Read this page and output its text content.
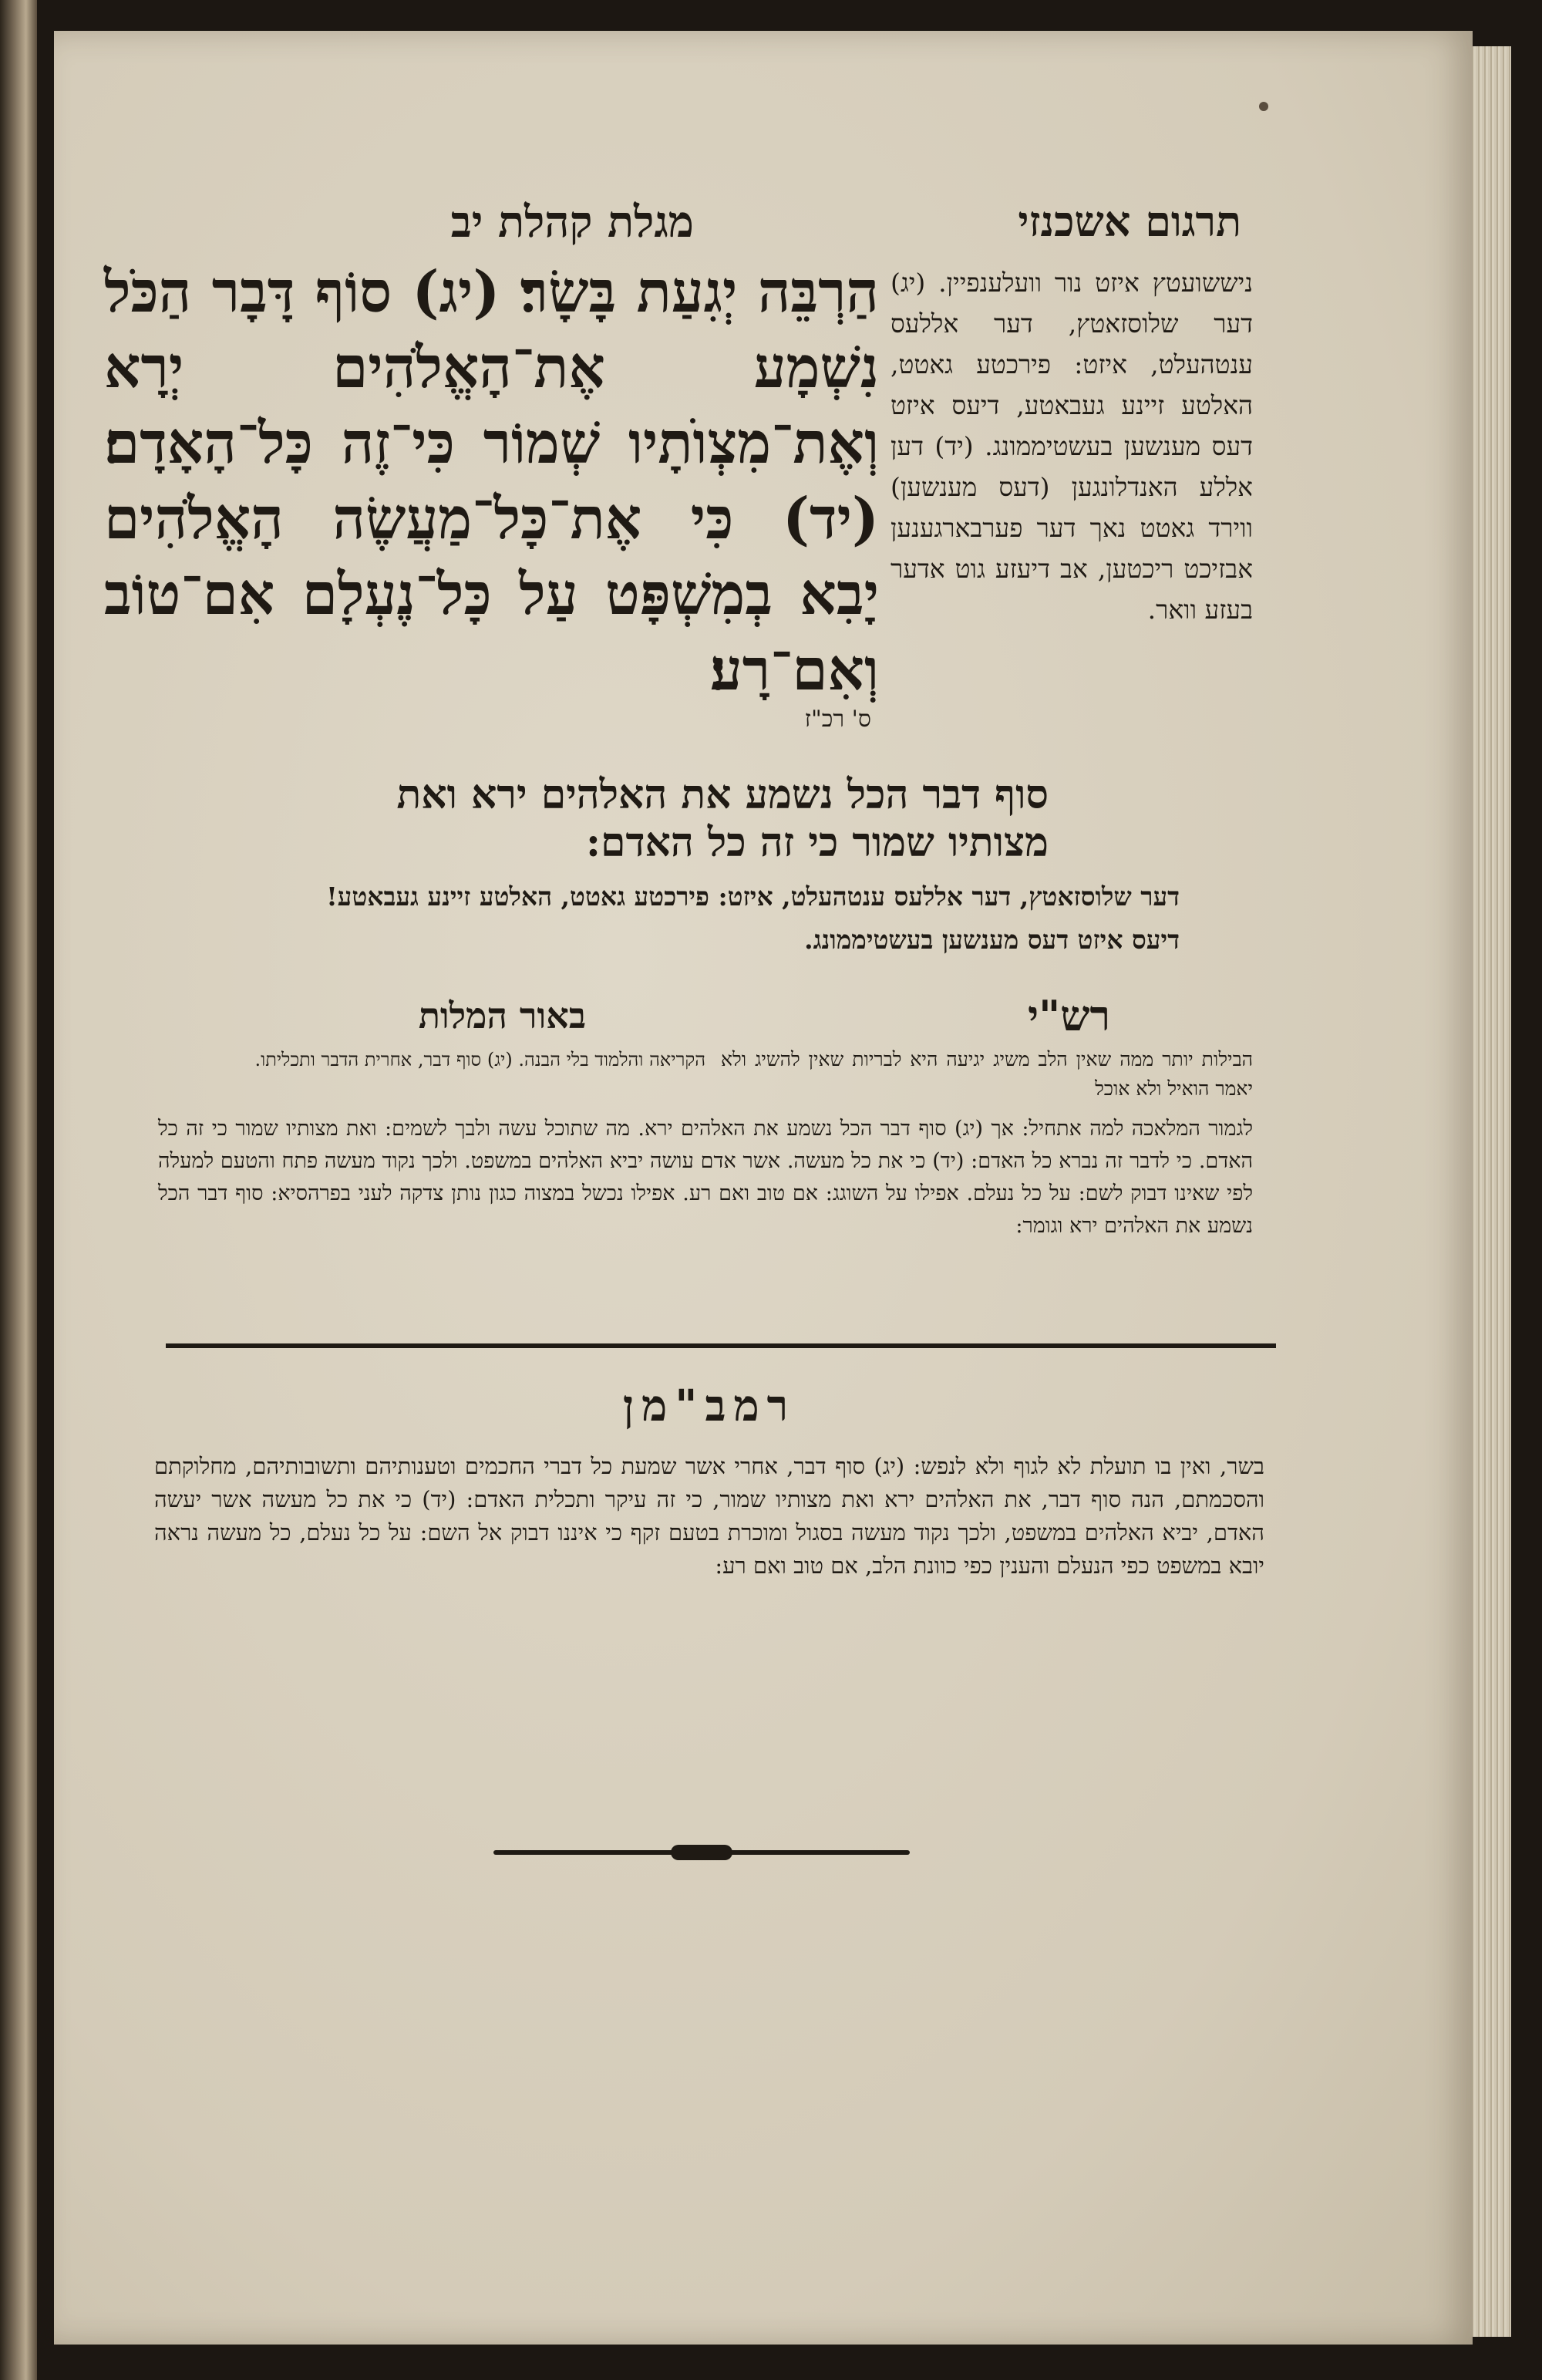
מגלת קהלת יב	תרגום אשכנזי
הַרְבֵּה יְגִעַת בָּשָׂר׃ (יג) סוֹף דָּבָר הַכֹּל נִשְׁמָע אֶת־הָאֱלֹהִים יְרָא וְאֶת־מִצְוֺתָיו שְׁמוֹר כִּי־זֶה כָּל־הָאָדָם׃ (יד) כִּי אֶת־כָּל־מַעֲשֶׂה הָאֱלֹהִים יָבִא בְמִשְׁפָּט עַל כָּל־נֶעְלָם אִם־טוֹב וְאִם־רָע׃
ס' רכ"ז
ניששועטץ איזט נור וועלענפיין. (יג) דער שלוסזאטץ, דער אללעס ענטהעלט, איזט: פירכטע גאטט, האלטע זיינע געבאטע, דיעס איזט דעס מענשען בעשטיממונג. (יד) דען אללע האנדלונגען (דעס מענשען) ווירד גאטט נאך דער פערבארגענען אבזיכט ריכטען, אב דיעזע גוט אדער בעזע וואר.
סוף דבר הכל נשמע את האלהים ירא ואת מצותיו שמור כי זה כל האדם:
דער שלוסזאטץ, דער אללעס ענטהעלט, איזט: פירכטע גאטט, האלטע זיינע געבאטע! דיעס איזט דעס מענשען בעשטיממונג.
רש"י
באור המלות
הבילות יותר ממה שאין הלב משיג יגיעה היא לבריות שאין להשיג ולא יאמר הואיל ולא אוכל
הקריאה והלמוד בלי הבנה. (יג) סוף דבר, אחרית הדבר ותכליתו.
לגמור המלאכה למה אתחיל: אך (יג) סוף דבר הכל נשמע את האלהים ירא. מה שתוכל עשה ולבך לשמים: ואת מצותיו שמור כי זה כל האדם. כי לדבר זה נברא כל האדם: (יד) כי את כל מעשה. אשר אדם עושה יביא האלהים במשפט. ולכך נקוד מעשה פתח והטעם למעלה לפי שאינו דבוק לשם: על כל נעלם. אפילו על השוגג: אם טוב ואם רע. אפילו נכשל במצוה כגון נותן צדקה לעני בפרהסיא: סוף דבר הכל נשמע את האלהים ירא וגומר:
רמב"מן
בשר, ואין בו תועלת לא לגוף ולא לנפש: (יג) סוף דבר, אחרי אשר שמעת כל דברי החכמים וטענותיהם ותשובותיהם, מחלוקתם והסכמתם, הנה סוף דבר, את האלהים ירא ואת מצותיו שמור, כי זה עיקר ותכלית האדם: (יד) כי את כל מעשה אשר יעשה האדם, יביא האלהים במשפט, ולכך נקוד מעשה בסגול ומוכרת בטעם זקף כי איננו דבוק אל השם: על כל נעלם, כל מעשה נראה יובא במשפט כפי הנעלם והענין כפי כוונת הלב, אם טוב ואם רע:
